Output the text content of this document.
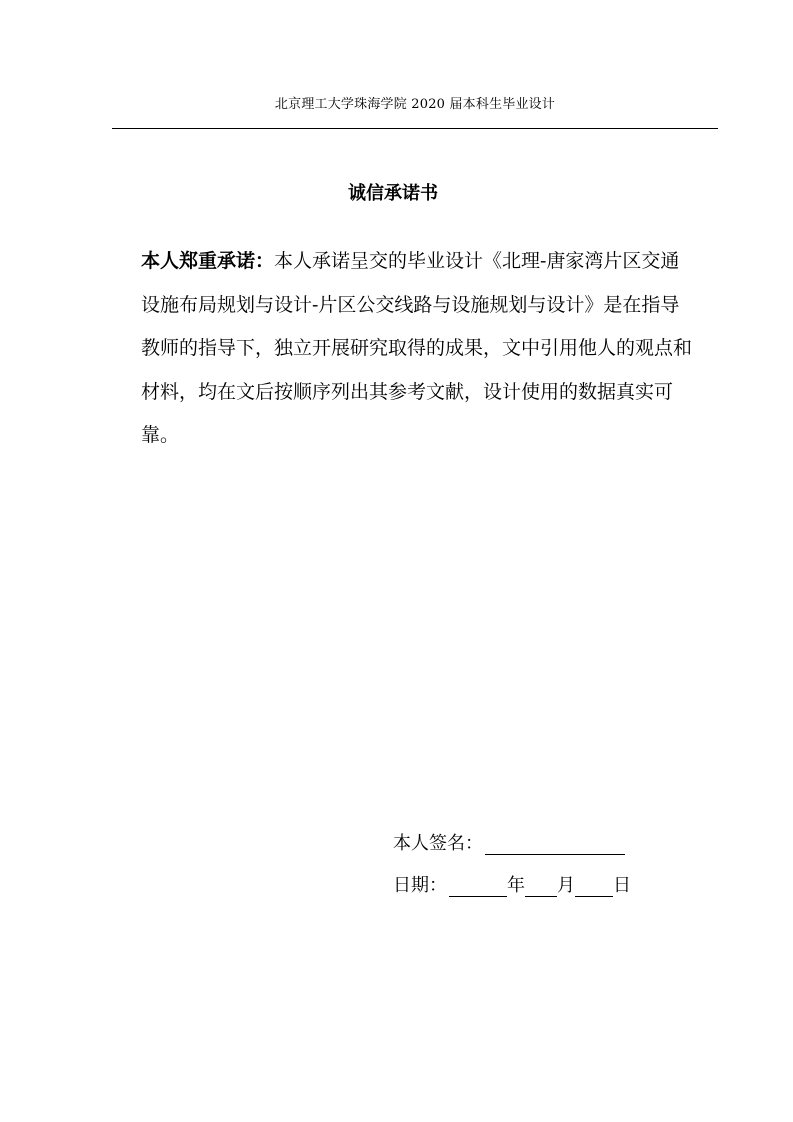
北京理工大学珠海学院 2020 届本科生毕业设计
诚信承诺书
本人郑重承诺：本人承诺呈交的毕业设计《北理-唐家湾片区交通设施布局规划与设计-片区公交线路与设施规划与设计》是在指导教师的指导下，独立开展研究取得的成果，文中引用他人的观点和材料，均在文后按顺序列出其参考文献，设计使用的数据真实可靠。
本人签名：
日期：	年 月 日
